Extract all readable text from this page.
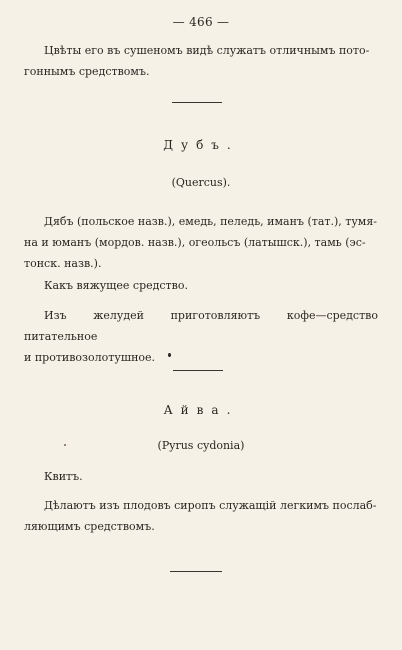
— 466 —
Цвѣты его въ сушеномъ видѣ служатъ отличнымъ пото-
гоннымъ средствомъ.
Дубъ.
(Quercus).
Дябъ (польское назв.), емедь, пеледь, иманъ (тат.), тумя-
на и юманъ (мордов. назв.), огеольсъ (латышск.), тамь (эс-
тонск. назв.).
Какъ вяжущее средство.
Изъ желудей приготовляютъ кофе—средство питательное
и противозолотушное.
Айва.
(Pyrus cydonia)
Квитъ.
Дѣлаютъ изъ плодовъ сиропъ служащій легкимъ послаб-
ляющимъ средствомъ.
